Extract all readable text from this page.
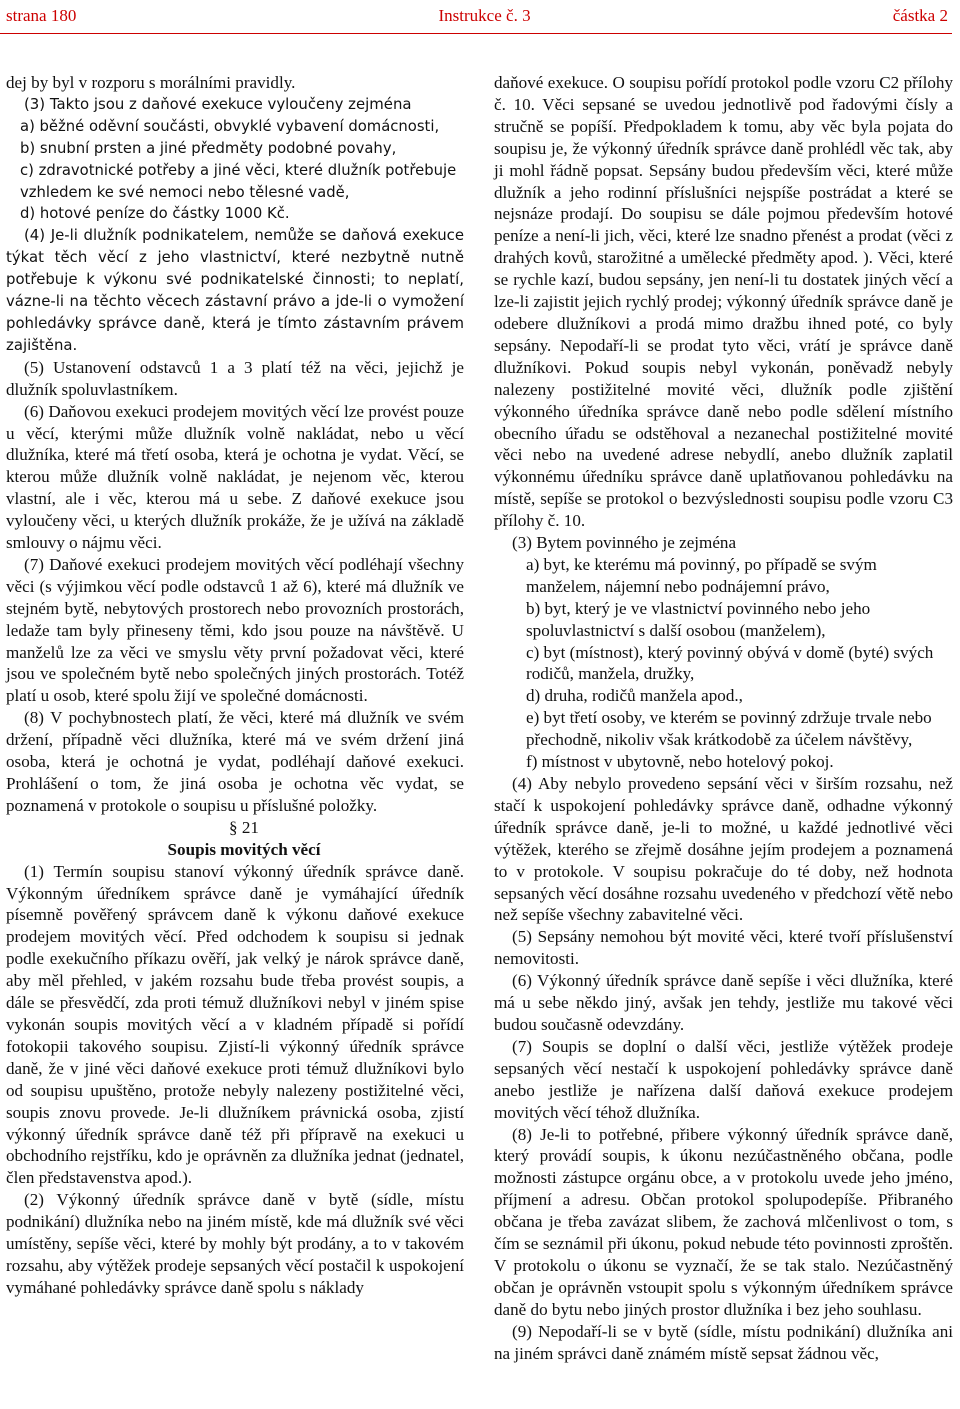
strana 180	Instrukce č. 3	částka 2

dej by byl v rozporu s morálními pravidly.

(3) Takto jsou z daňové exekuce vyloučeny zejména

a) běžné oděvní součásti, obvyklé vybavení domácnosti,
b) snubní prsten a jiné předměty podobné povahy,
c) zdravotnické potřeby a jiné věci, které dlužník potřebuje vzhledem ke své nemoci nebo tělesné vadě,
d) hotové peníze do částky 1000 Kč.

(4) Je-li dlužník podnikatelem, nemůže se daňová exekuce týkat těch věcí z jeho vlastnictví, které nezbytně nutně potřebuje k výkonu své podnikatelské činnosti; to neplatí, vázne-li na těchto věcech zástavní právo a jde-li o vymožení pohledávky správce daně, která je tímto zástavním právem zajištěna.

(5) Ustanovení odstavců 1 a 3 platí též na věci, jejichž je dlužník spoluvlastníkem.

(6) Daňovou exekuci prodejem movitých věcí lze provést pouze u věcí, kterými může dlužník volně nakládat, nebo u věcí dlužníka, které má třetí osoba, která je ochotna je vydat. Věcí, se kterou může dlužník volně nakládat, je nejenom věc, kterou vlastní, ale i věc, kterou má u sebe. Z daňové exekuce jsou vyloučeny věci, u kterých dlužník prokáže, že je užívá na základě smlouvy o nájmu věci.

(7) Daňové exekuci prodejem movitých věcí podléhají všechny věci (s výjimkou věcí podle odstavců 1 až 6), které má dlužník ve stejném bytě, nebytových prostorech nebo provozních prostorách, ledaže tam byly přineseny těmi, kdo jsou pouze na návštěvě. U manželů lze za věci ve smyslu věty první požadovat věci, které jsou ve společném bytě nebo společných jiných prostorách. Totéž platí u osob, které spolu žijí ve společné domácnosti.

(8) V pochybnostech platí, že věci, které má dlužník ve svém držení, případně věci dlužníka, které má ve svém držení jiná osoba, která je ochotná je vydat, podléhají daňové exekuci. Prohlášení o tom, že jiná osoba je ochotna věc vydat, se poznamená v protokole o soupisu u příslušné položky.

§ 21

Soupis movitých věcí

(1) Termín soupisu stanoví výkonný úředník správce daně. Výkonným úředníkem správce daně je vymáhající úředník písemně pověřený správcem daně k výkonu daňové exekuce prodejem movitých věcí. Před odchodem k soupisu si jednak podle exekučního příkazu ověří, jak velký je nárok správce daně, aby měl přehled, v jakém rozsahu bude třeba provést soupis, a dále se přesvědčí, zda proti témuž dlužníkovi nebyl v jiném spise vykonán soupis movitých věcí a v kladném případě si pořídí fotokopii takového soupisu. Zjistí-li výkonný úředník správce daně, že v jiné věci daňové exekuce proti témuž dlužníkovi bylo od soupisu upuštěno, protože nebyly nalezeny postižitelné věci, soupis znovu provede. Je-li dlužníkem právnická osoba, zjistí výkonný úředník správce daně též při přípravě na exekuci u obchodního rejstříku, kdo je oprávněn za dlužníka jednat (jednatel, člen představenstva apod.).

(2) Výkonný úředník správce daně v bytě (sídle, místu podnikání) dlužníka nebo na jiném místě, kde má dlužník své věci umístěny, sepíše věci, které by mohly být prodány, a to v takovém rozsahu, aby výtěžek prodeje sepsaných věcí postačil k uspokojení vymáhané pohledávky správce daně spolu s náklady

daňové exekuce. O soupisu pořídí protokol podle vzoru C2 přílohy č. 10. Věci sepsané se uvedou jednotlivě pod řadovými čísly a stručně se popíší. Předpokladem k tomu, aby věc byla pojata do soupisu je, že výkonný úředník správce daně prohlédl věc tak, aby ji mohl řádně popsat. Sepsány budou především věci, které může dlužník a jeho rodinní příslušníci nejspíše postrádat a které se nejsnáze prodají. Do soupisu se dále pojmou především hotové peníze a není-li jich, věci, které lze snadno přenést a prodat (věci z drahých kovů, starožitné a umělecké předměty apod. ). Věci, které se rychle kazí, budou sepsány, jen není-li tu dostatek jiných věcí a lze-li zajistit jejich rychlý prodej; výkonný úředník správce daně je odebere dlužníkovi a prodá mimo dražbu ihned poté, co byly sepsány. Nepodaří-li se prodat tyto věci, vrátí je správce daně dlužníkovi. Pokud soupis nebyl vykonán, poněvadž nebyly nalezeny postižitelné movité věci, dlužník podle zjištění výkonného úředníka správce daně nebo podle sdělení místního obecního úřadu se odstěhoval a nezanechal postižitelné movité věci nebo na uvedené adrese nebydlí, anebo dlužník zaplatil výkonnému úředníku správce daně uplatňovanou pohledávku na místě, sepíše se protokol o bezvýslednosti soupisu podle vzoru C3 přílohy č. 10.

(3) Bytem povinného je zejména

a) byt, ke kterému má povinný, po případě se svým manželem, nájemní nebo podnájemní právo,
b) byt, který je ve vlastnictví povinného nebo jeho spoluvlastnictví s další osobou (manželem),
c) byt (místnost), který povinný obývá v domě (byté) svých rodičů, manžela, družky,
d) druha, rodičů manžela apod.,
e) byt třetí osoby, ve kterém se povinný zdržuje trvale nebo přechodně, nikoliv však krátkodobě za účelem návštěvy,
f) místnost v ubytovně, nebo hotelový pokoj.

(4) Aby nebylo provedeno sepsání věci v širším rozsahu, než stačí k uspokojení pohledávky správce daně, odhadne výkonný úředník správce daně, je-li to možné, u každé jednotlivé věci výtěžek, kterého se zřejmě dosáhne jejím prodejem a poznamená to v protokole. V soupisu pokračuje do té doby, než hodnota sepsaných věcí dosáhne rozsahu uvedeného v předchozí větě nebo než sepíše všechny zabavitelné věci.

(5) Sepsány nemohou být movité věci, které tvoří příslušenství nemovitosti.

(6) Výkonný úředník správce daně sepíše i věci dlužníka, které má u sebe někdo jiný, avšak jen tehdy, jestliže mu takové věci budou současně odevzdány.

(7) Soupis se doplní o další věci, jestliže výtěžek prodeje sepsaných věcí nestačí k uspokojení pohledávky správce daně anebo jestliže je nařízena další daňová exekuce prodejem movitých věcí téhož dlužníka.

(8) Je-li to potřebné, přibere výkonný úředník správce daně, který provádí soupis, k úkonu nezúčastněného občana, podle možnosti zástupce orgánu obce, a v protokolu uvede jeho jméno, příjmení a adresu. Občan protokol spolupodepíše. Přibraného občana je třeba zavázat slibem, že zachová mlčenlivost o tom, s čím se seznámil při úkonu, pokud nebude této povinnosti zproštěn. V protokolu o úkonu se vyznačí, že se tak stalo. Nezúčastněný občan je oprávněn vstoupit spolu s výkonným úředníkem správce daně do bytu nebo jiných prostor dlužníka i bez jeho souhlasu.

(9) Nepodaří-li se v bytě (sídle, místu podnikání) dlužníka ani na jiném správci daně známém místě sepsat žádnou věc,
